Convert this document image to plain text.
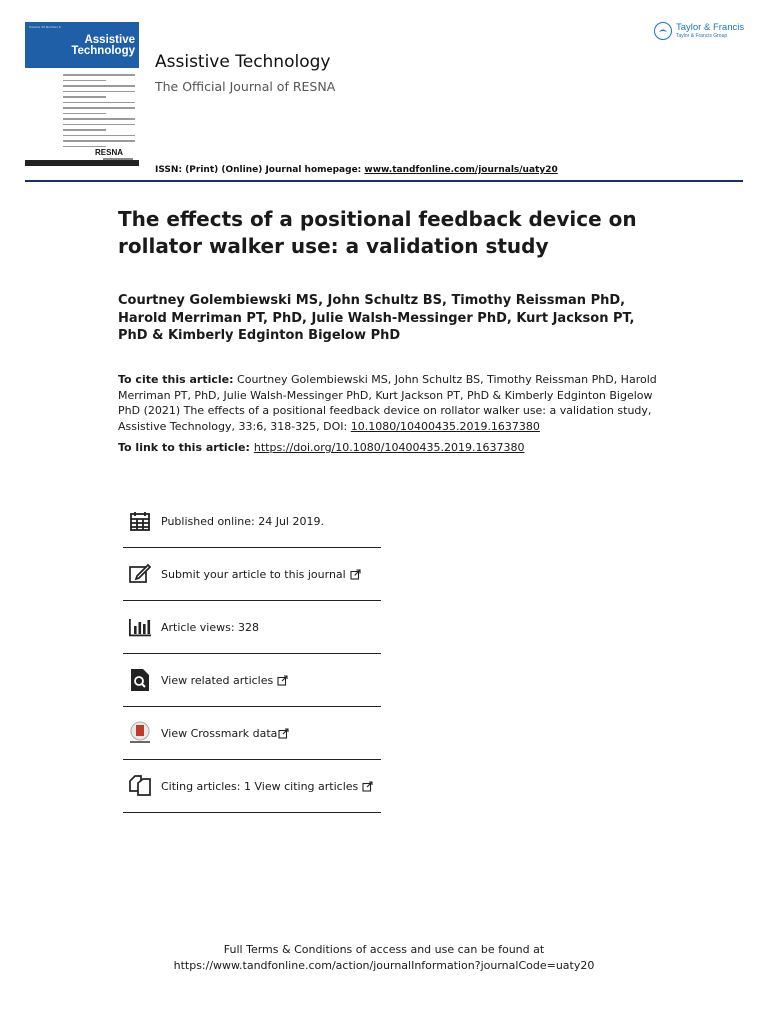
Volume 33 Number 6
Assistive Technology
RESNA
Assistive Technology
The Official Journal of RESNA
Taylor & Francis
Taylor & Francis Group
ISSN: (Print) (Online) Journal homepage: www.tandfonline.com/journals/uaty20
The effects of a positional feedback device on rollator walker use: a validation study
Courtney Golembiewski MS, John Schultz BS, Timothy Reissman PhD, Harold Merriman PT, PhD, Julie Walsh-Messinger PhD, Kurt Jackson PT, PhD & Kimberly Edginton Bigelow PhD
To cite this article: Courtney Golembiewski MS, John Schultz BS, Timothy Reissman PhD, Harold Merriman PT, PhD, Julie Walsh-Messinger PhD, Kurt Jackson PT, PhD & Kimberly Edginton Bigelow PhD (2021) The effects of a positional feedback device on rollator walker use: a validation study, Assistive Technology, 33:6, 318-325, DOI: 10.1080/10400435.2019.1637380
To link to this article: https://doi.org/10.1080/10400435.2019.1637380
Published online: 24 Jul 2019.
Submit your article to this journal
Article views: 328
View related articles
View Crossmark data
Citing articles: 1 View citing articles
Full Terms & Conditions of access and use can be found at
https://www.tandfonline.com/action/journalInformation?journalCode=uaty20
